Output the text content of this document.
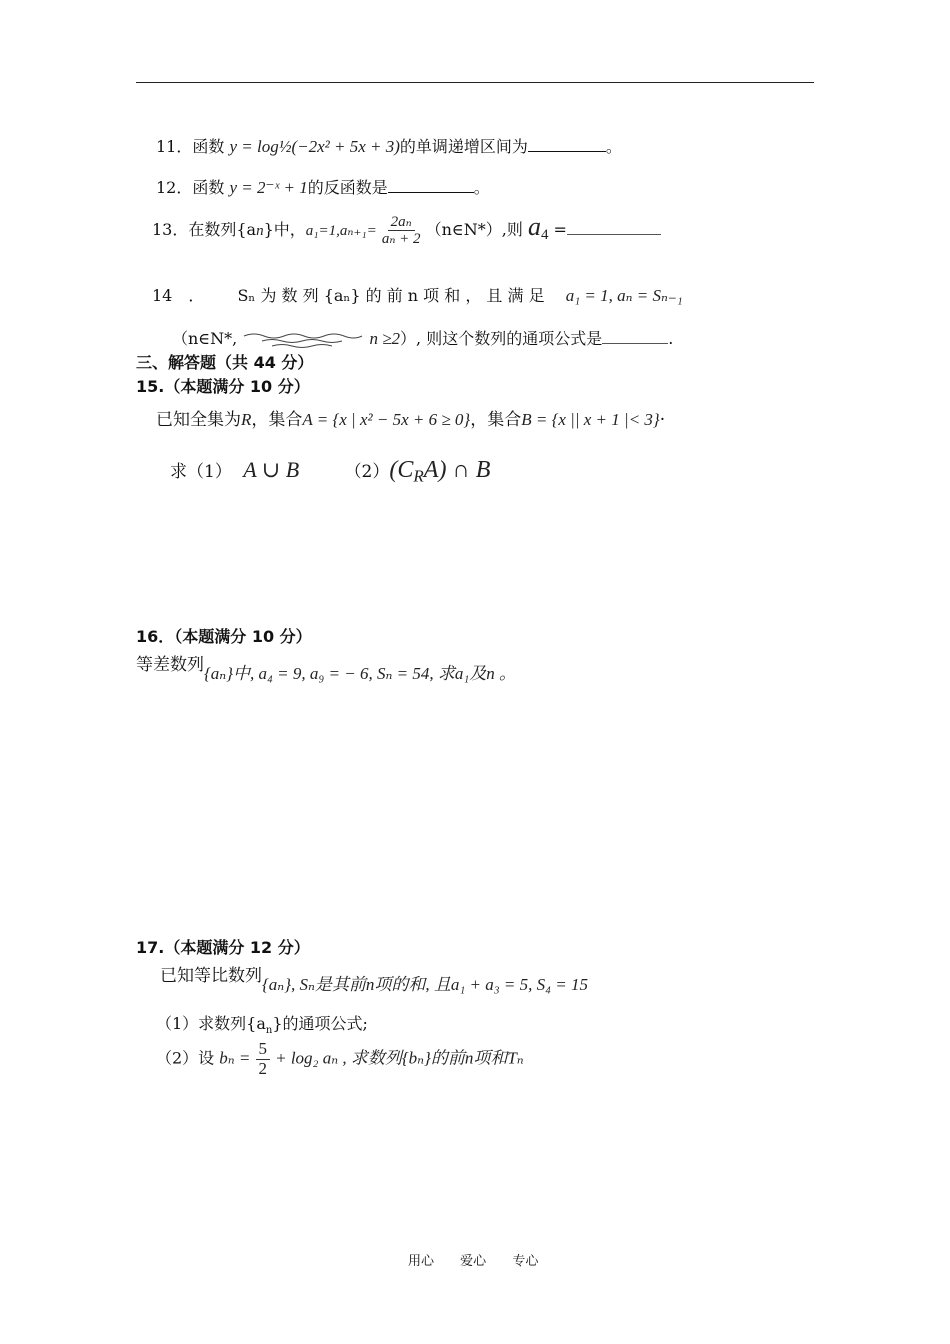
11．函数 y = log½(−2x² + 5x + 3)的单调递增区间为	。
12．函数 y = 2⁻ˣ + 1的反函数是	。
13．在数列{an}中，$a_1=1,a_{n+1}= \frac{\text{2aₙ}}{\text{aₙ + 2}}$ （n∈N*）,则 $a_4$ =
14　． Sₙ 为 数 列 {aₙ} 的 前 n 项 和 ， 且 满 足 a₁ = 1, aₙ = Sₙ₋₁
（n∈N*,	n ≥2）, 则这个数列的通项公式是	.
三、解答题（共 44 分）
15.（本题满分 10 分）
已知全集为R，集合A = {x | x² − 5x + 6 ≥ 0}，集合B = {x || x + 1 |< 3}·
求（1） A ∪ B	$(2)(C_RA)$ ∩ B
16．（本题满分 10 分）
等差数列{aₙ}中, a₄ = 9, a₉ = − 6, Sₙ = 54, 求a₁及n 。
17.（本题满分 12 分）
已知等比数列{aₙ}, Sₙ是其前n项的和, 且a₁ + a₃ = 5, S₄ = 15
（1）求数列$\{a_n\}$的通项公式;
（2）设 $b_n = \frac{5}{2} + \log_2$ aₙ , 求数列{bₙ}的前n项和Tₙ
用心 爱心 专心
